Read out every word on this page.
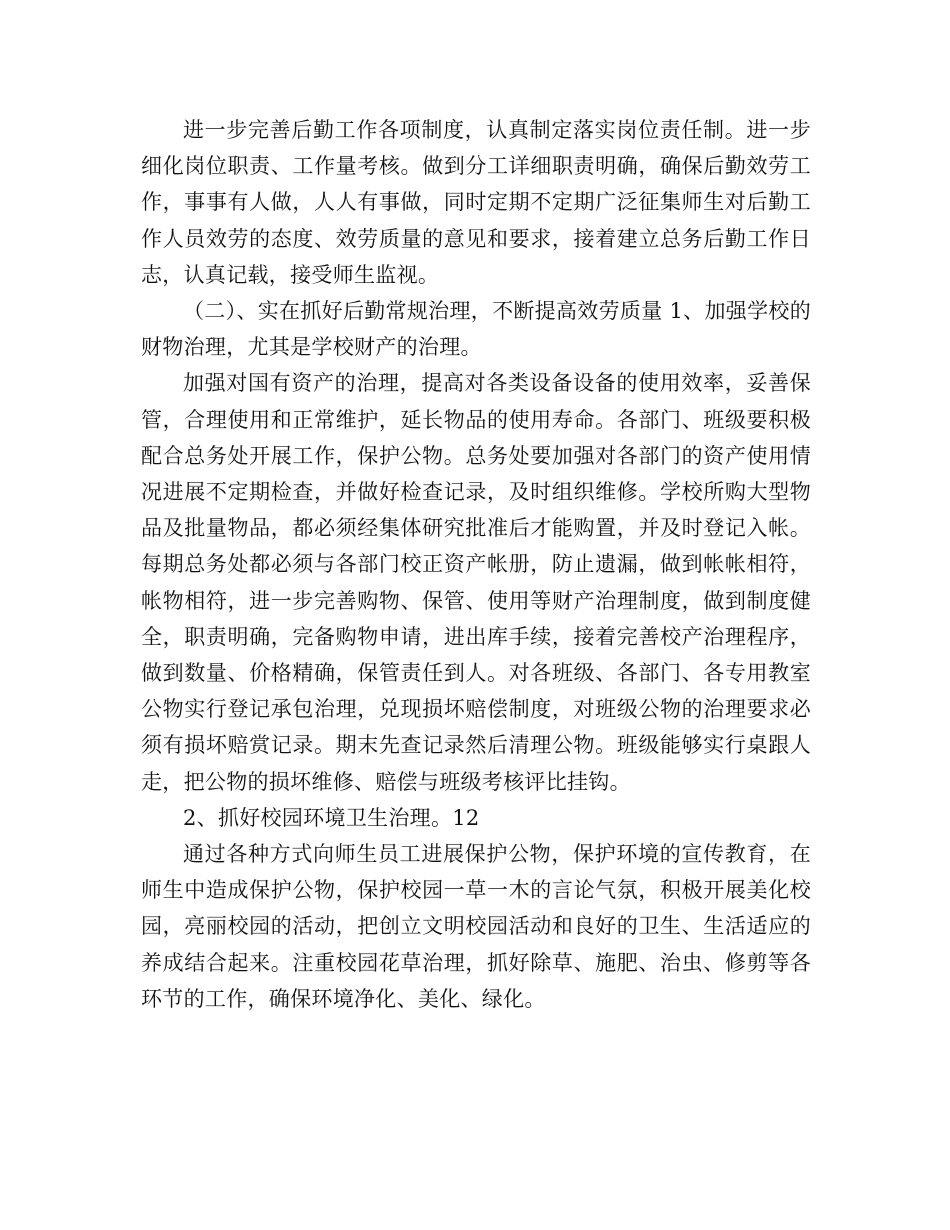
进一步完善后勤工作各项制度，认真制定落实岗位责任制。进一步细化岗位职责、工作量考核。做到分工详细职责明确，确保后勤效劳工作，事事有人做，人人有事做，同时定期不定期广泛征集师生对后勤工作人员效劳的态度、效劳质量的意见和要求，接着建立总务后勤工作日志，认真记载，接受师生监视。

（二）、实在抓好后勤常规治理，不断提高效劳质量 1、加强学校的财物治理，尤其是学校财产的治理。

加强对国有资产的治理，提高对各类设备设备的使用效率，妥善保管，合理使用和正常维护，延长物品的使用寿命。各部门、班级要积极配合总务处开展工作，保护公物。总务处要加强对各部门的资产使用情况进展不定期检查，并做好检查记录，及时组织维修。学校所购大型物品及批量物品，都必须经集体研究批准后才能购置，并及时登记入帐。每期总务处都必须与各部门校正资产帐册，防止遗漏，做到帐帐相符，帐物相符，进一步完善购物、保管、使用等财产治理制度，做到制度健全，职责明确，完备购物申请，进出库手续，接着完善校产治理程序，做到数量、价格精确，保管责任到人。对各班级、各部门、各专用教室公物实行登记承包治理，兑现损坏赔偿制度，对班级公物的治理要求必须有损坏赔赏记录。期末先查记录然后清理公物。班级能够实行桌跟人走，把公物的损坏维修、赔偿与班级考核评比挂钩。

2、抓好校园环境卫生治理。12

通过各种方式向师生员工进展保护公物，保护环境的宣传教育，在师生中造成保护公物，保护校园一草一木的言论气氛，积极开展美化校园，亮丽校园的活动，把创立文明校园活动和良好的卫生、生活适应的养成结合起来。注重校园花草治理，抓好除草、施肥、治虫、修剪等各环节的工作，确保环境净化、美化、绿化。
